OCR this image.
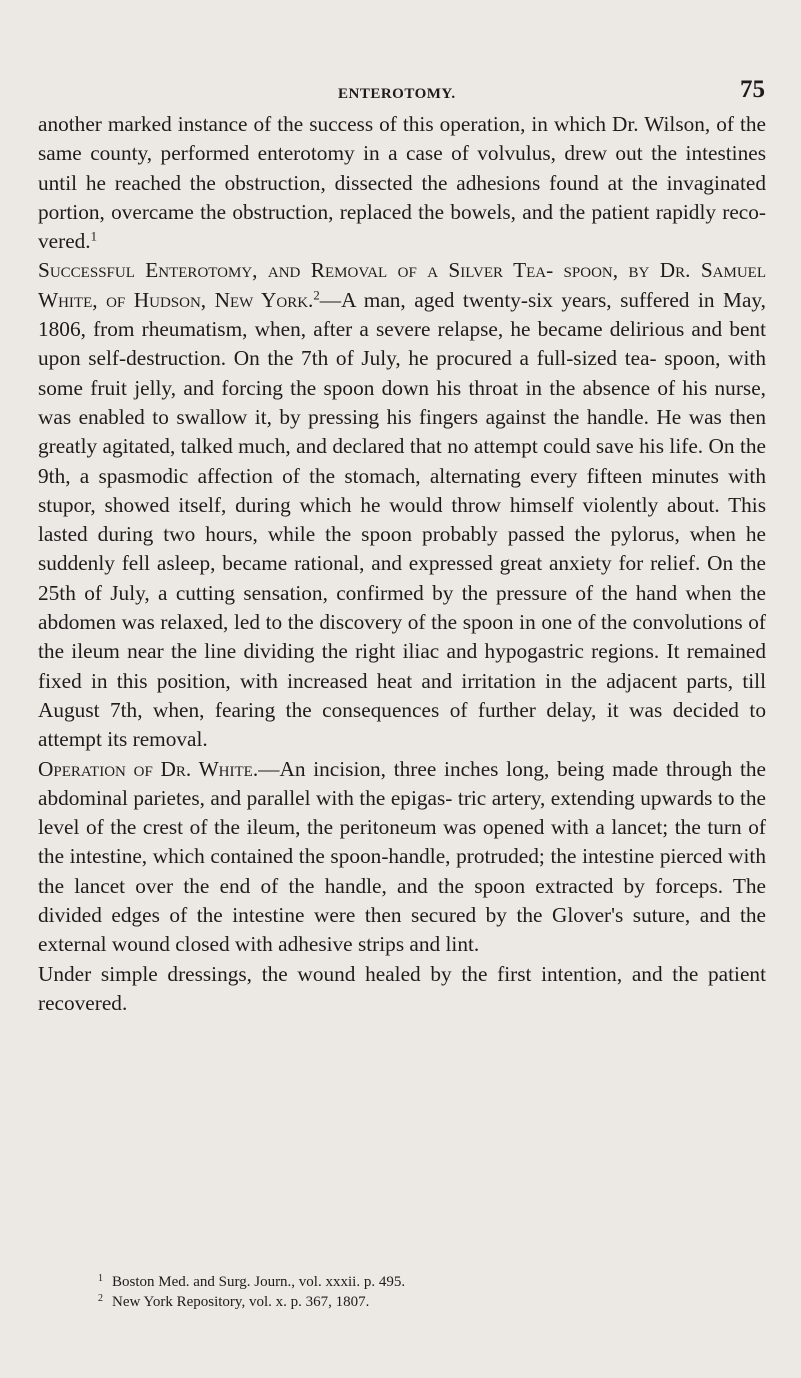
ENTEROTOMY.	75

another marked instance of the success of this operation, in which Dr. Wilson, of the same county, performed enterotomy in a case of volvulus, drew out the intestines until he reached the obstruction, dissected the adhesions found at the invaginated portion, overcame the obstruction, replaced the bowels, and the patient rapidly reco- vered.$^1$

Successful Enterotomy, and Removal of a Silver Tea- spoon, by Dr. Samuel White, of Hudson, New York.$^2$—A man, aged twenty-six years, suffered in May, 1806, from rheumatism, when, after a severe relapse, he became delirious and bent upon self-destruction. On the 7th of July, he procured a full-sized tea- spoon, with some fruit jelly, and forcing the spoon down his throat in the absence of his nurse, was enabled to swallow it, by pressing his fingers against the handle. He was then greatly agitated, talked much, and declared that no attempt could save his life. On the 9th, a spasmodic affection of the stomach, alternating every fifteen minutes with stupor, showed itself, during which he would throw himself violently about. This lasted during two hours, while the spoon probably passed the pylorus, when he suddenly fell asleep, became rational, and expressed great anxiety for relief. On the 25th of July, a cutting sensation, confirmed by the pressure of the hand when the abdomen was relaxed, led to the discovery of the spoon in one of the convolutions of the ileum near the line dividing the right iliac and hypogastric regions. It remained fixed in this position, with increased heat and irritation in the adjacent parts, till August 7th, when, fearing the consequences of further delay, it was decided to attempt its removal.

Operation of Dr. White.—An incision, three inches long, being made through the abdominal parietes, and parallel with the epigas- tric artery, extending upwards to the level of the crest of the ileum, the peritoneum was opened with a lancet; the turn of the intestine, which contained the spoon-handle, protruded; the intestine pierced with the lancet over the end of the handle, and the spoon extracted by forceps. The divided edges of the intestine were then secured by the Glover's suture, and the external wound closed with adhesive strips and lint.

Under simple dressings, the wound healed by the first intention, and the patient recovered.

1 Boston Med. and Surg. Journ., vol. xxxii. p. 495.
2 New York Repository, vol. x. p. 367, 1807.
